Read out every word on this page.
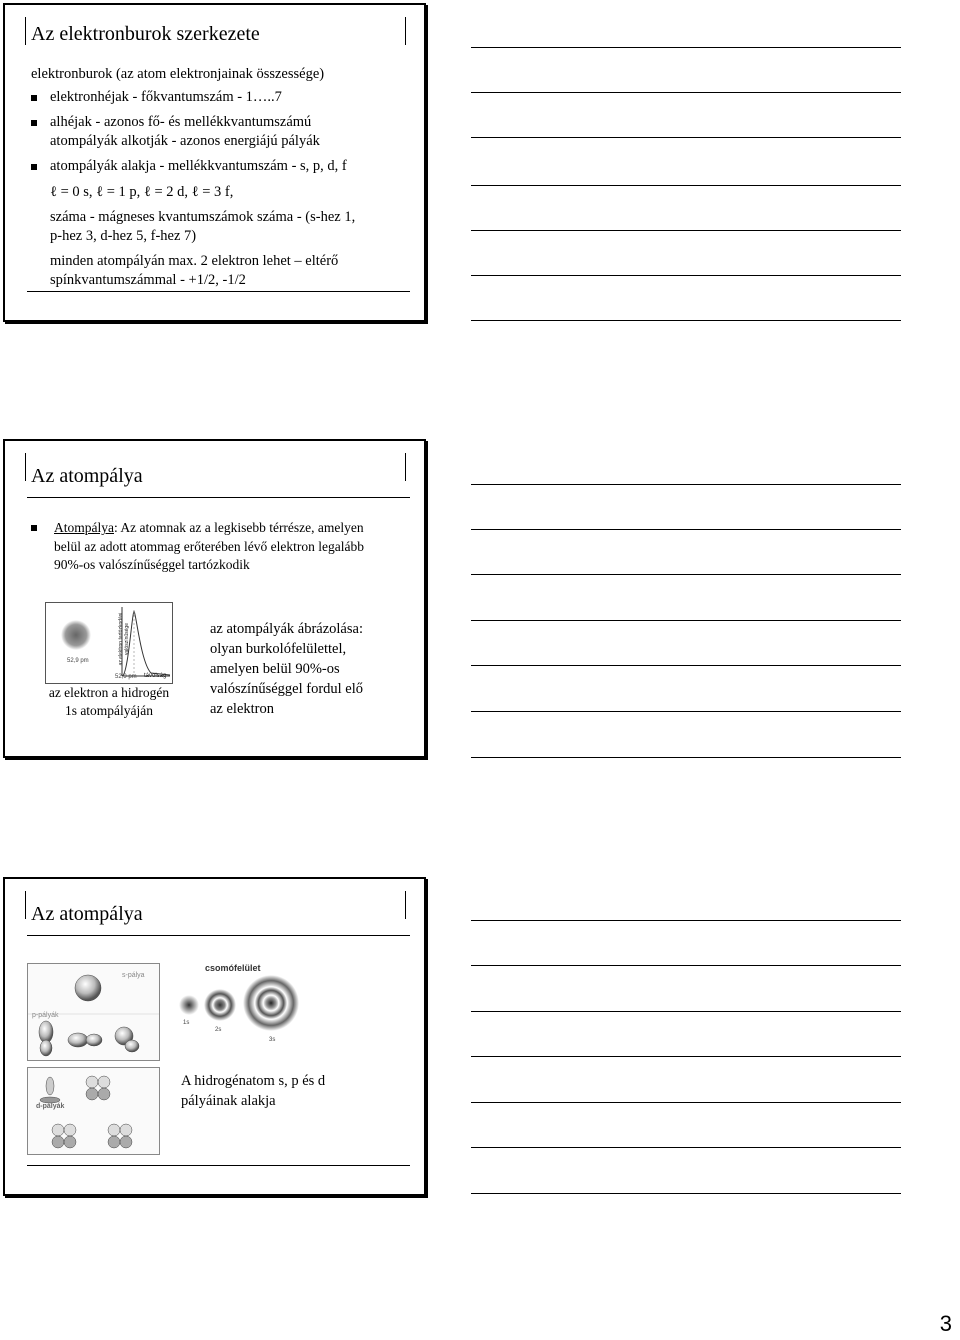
Az elektronburok szerkezete
elektronburok (az atom elektronjainak összessége)
elektronhéjak - főkvantumszám - 1…..7
alhéjak - azonos fő- és mellékkvantumszámú
atompályák alkotják - azonos energiájú pályák
atompályák alakja - mellékkvantumszám - s, p, d, f
ℓ = 0 s, ℓ = 1 p, ℓ = 2 d, ℓ = 3 f,
száma - mágneses kvantumszámok száma - (s-hez 1,
p-hez 3, d-hez 5, f-hez 7)
minden atompályán max. 2 elektron lehet – eltérő
spínkvantumszámmal - +1/2, -1/2
Az atompálya
Atompálya: Az atomnak az a legkisebb térrésze, amelyen
belül az adott atommag erőterében lévő elektron legalább
90%-os valószínűséggel tartózkodik
52,9 pm
52,9 pm távolság
az elektron tartózkodási valószínűsége
az elektron a hidrogén
1s atompályáján
az atompályák ábrázolása:
olyan burkolófelülettel,
amelyen belül 90%-os
valószínűséggel fordul elő
az elektron
Az atompálya
s-pálya
p-pályák
d-pályák
csomófelület
1s
2s
3s
A hidrogénatom s, p és d
pályáinak alakja
3
